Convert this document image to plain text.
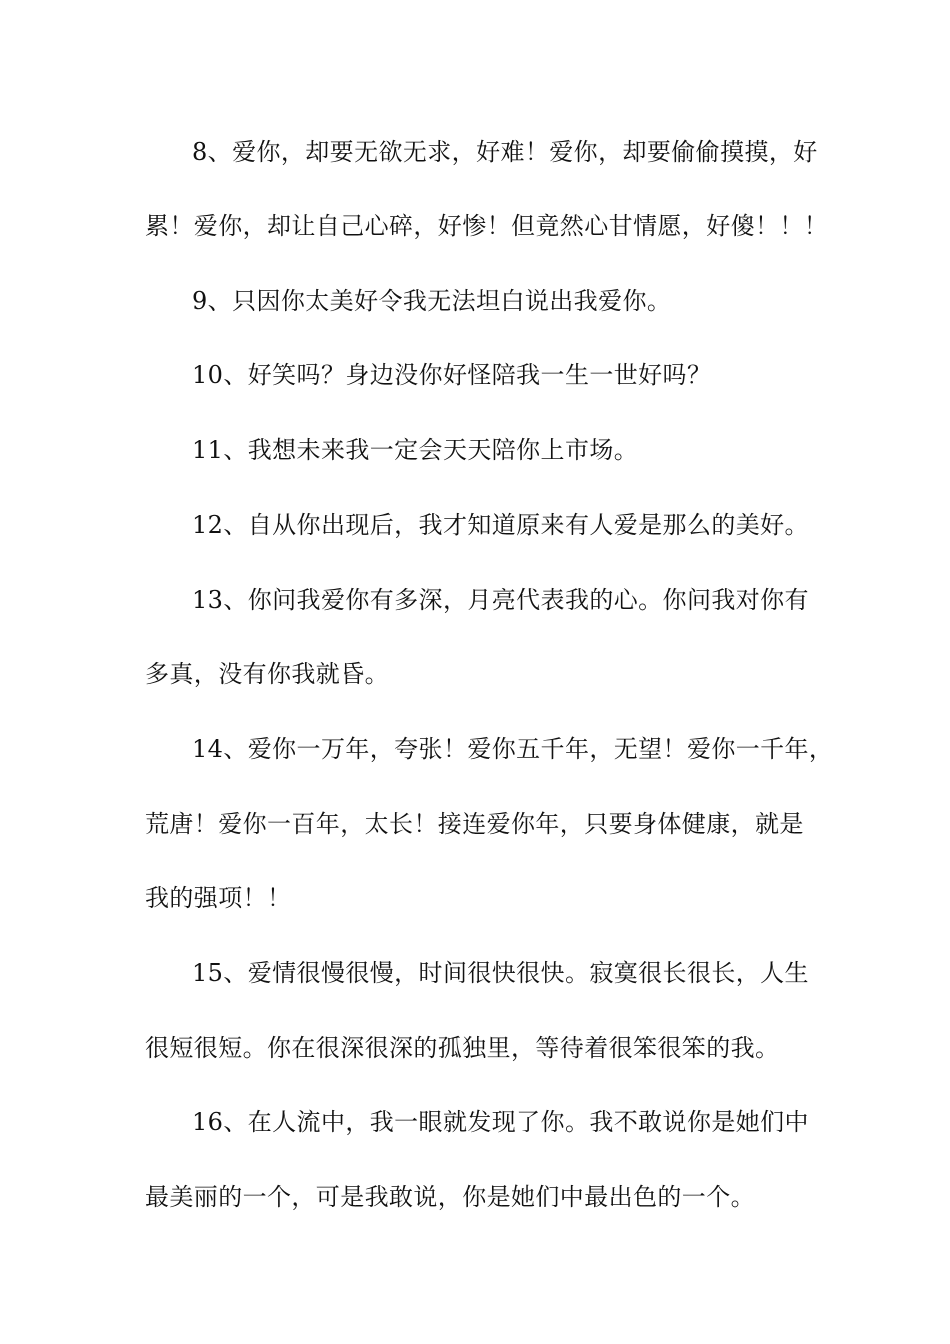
8、爱你，却要无欲无求，好难！爱你，却要偷偷摸摸，好
累！爱你，却让自己心碎，好惨！但竟然心甘情愿，好傻！！！
9、只因你太美好令我无法坦白说出我爱你。
10、好笑吗？身边没你好怪陪我一生一世好吗？
11、我想未来我一定会天天陪你上市场。
12、自从你出现后，我才知道原来有人爱是那么的美好。
13、你问我爱你有多深，月亮代表我的心。你问我对你有
多真，没有你我就昏。
14、爱你一万年，夸张！爱你五千年，无望！爱你一千年，
荒唐！爱你一百年，太长！接连爱你年，只要身体健康，就是
我的强项！！
15、爱情很慢很慢，时间很快很快。寂寞很长很长，人生
很短很短。你在很深很深的孤独里，等待着很笨很笨的我。
16、在人流中，我一眼就发现了你。我不敢说你是她们中
最美丽的一个，可是我敢说，你是她们中最出色的一个。
